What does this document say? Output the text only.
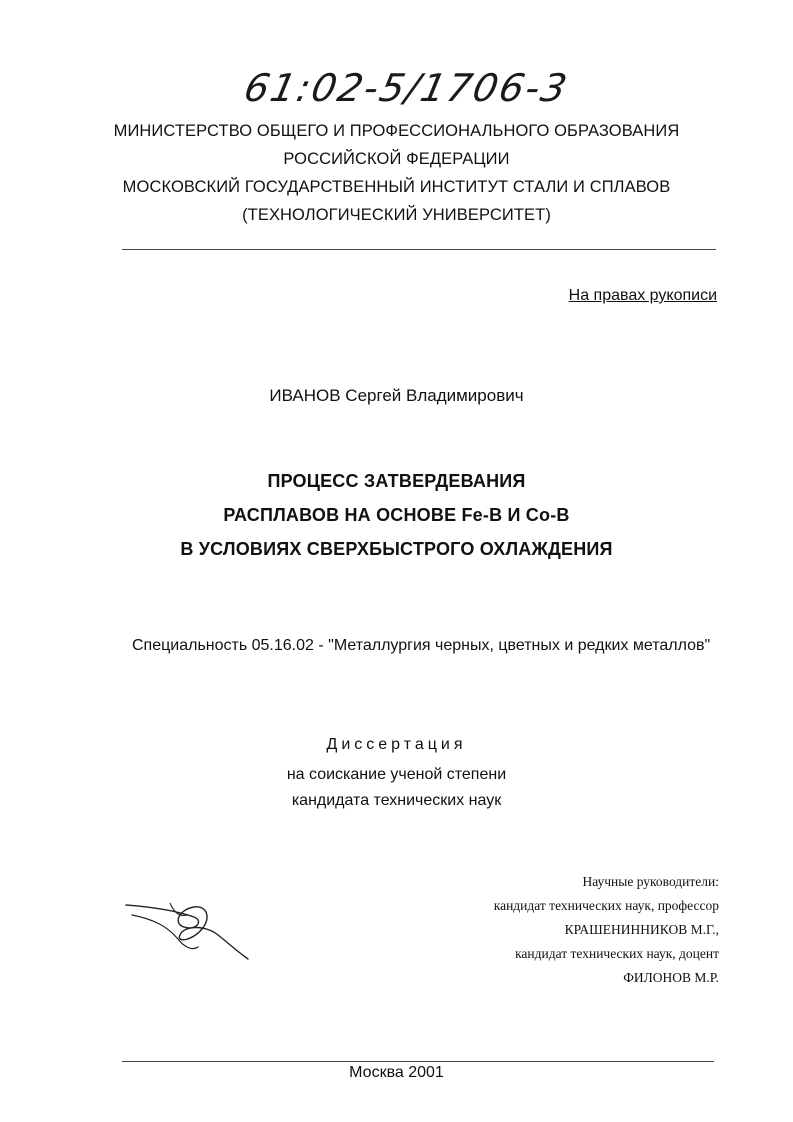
61:02-5/1706-3
МИНИСТЕРСТВО ОБЩЕГО И ПРОФЕССИОНАЛЬНОГО ОБРАЗОВАНИЯ
РОССИЙСКОЙ ФЕДЕРАЦИИ
МОСКОВСКИЙ ГОСУДАРСТВЕННЫЙ ИНСТИТУТ СТАЛИ И СПЛАВОВ
(ТЕХНОЛОГИЧЕСКИЙ УНИВЕРСИТЕТ)
На правах рукописи
ИВАНОВ Сергей Владимирович
ПРОЦЕСС ЗАТВЕРДЕВАНИЯ
РАСПЛАВОВ НА ОСНОВЕ Fe-B И Co-B
В УСЛОВИЯХ СВЕРХБЫСТРОГО ОХЛАЖДЕНИЯ
Специальность 05.16.02 - "Металлургия черных, цветных и редких металлов"
Диссертация
на соискание ученой степени
кандидата технических наук
Научные руководители:
кандидат технических наук, профессор
КРАШЕНИННИКОВ М.Г.,
кандидат технических наук, доцент
ФИЛОНОВ М.Р.
Москва 2001
